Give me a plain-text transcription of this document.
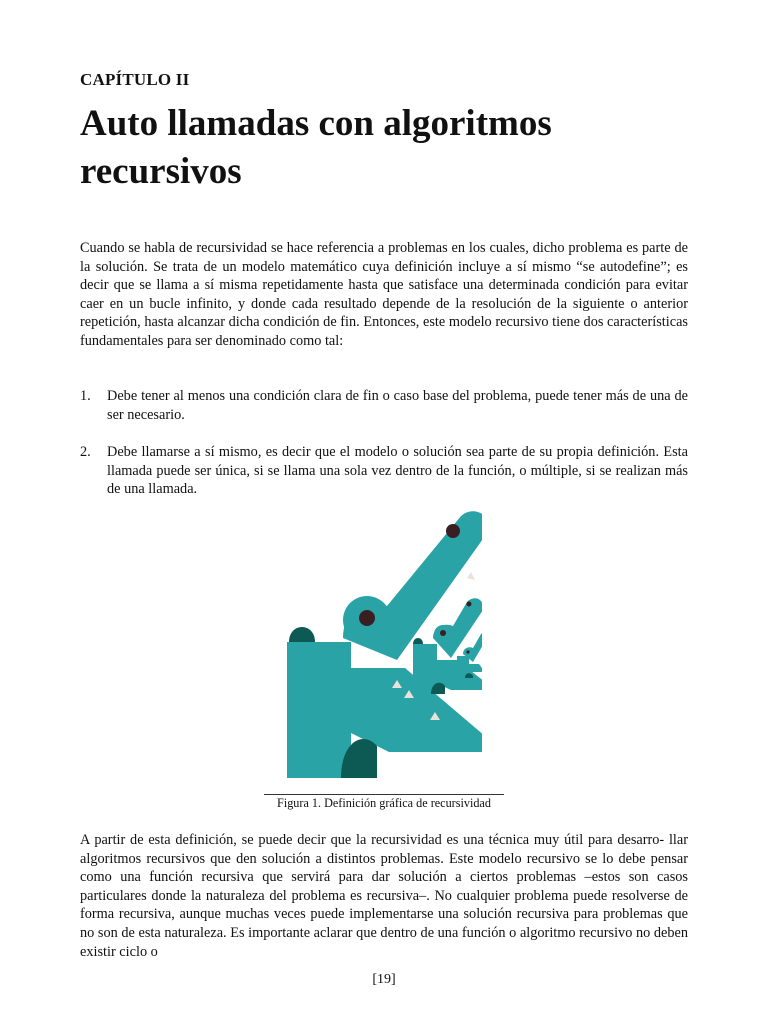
CAPÍTULO II
Auto llamadas con algoritmos recursivos

Cuando se habla de recursividad se hace referencia a problemas en los cuales, dicho problema es parte de la solución. Se trata de un modelo matemático cuya definición incluye a sí mismo “se autodefine”; es decir que se llama a sí misma repetidamente hasta que satisface una determinada condición para evitar caer en un bucle infinito, y donde cada resultado depende de la resolución de la siguiente o anterior repetición, hasta alcanzar dicha condición de fin. Entonces, este modelo recursivo tiene dos características fundamentales para ser denominado como tal:

1. Debe tener al menos una condición clara de fin o caso base del problema, puede tener más de una de ser necesario.
2. Debe llamarse a sí mismo, es decir que el modelo o solución sea parte de su propia definición. Esta llamada puede ser única, si se llama una sola vez dentro de la función, o múltiple, si se realizan más de una llamada.
Figura 1. Definición gráfica de recursividad

A partir de esta definición, se puede decir que la recursividad es una técnica muy útil para desarro- llar algoritmos recursivos que den solución a distintos problemas. Este modelo recursivo se lo debe pensar como una función recursiva que servirá para dar solución a ciertos problemas –estos son casos particulares donde la naturaleza del problema es recursiva–. No cualquier problema puede resolverse de forma recursiva, aunque muchas veces puede implementarse una solución recursiva para problemas que no son de esta naturaleza. Es importante aclarar que dentro de una función o algoritmo recursivo no deben existir ciclo o

[19]
